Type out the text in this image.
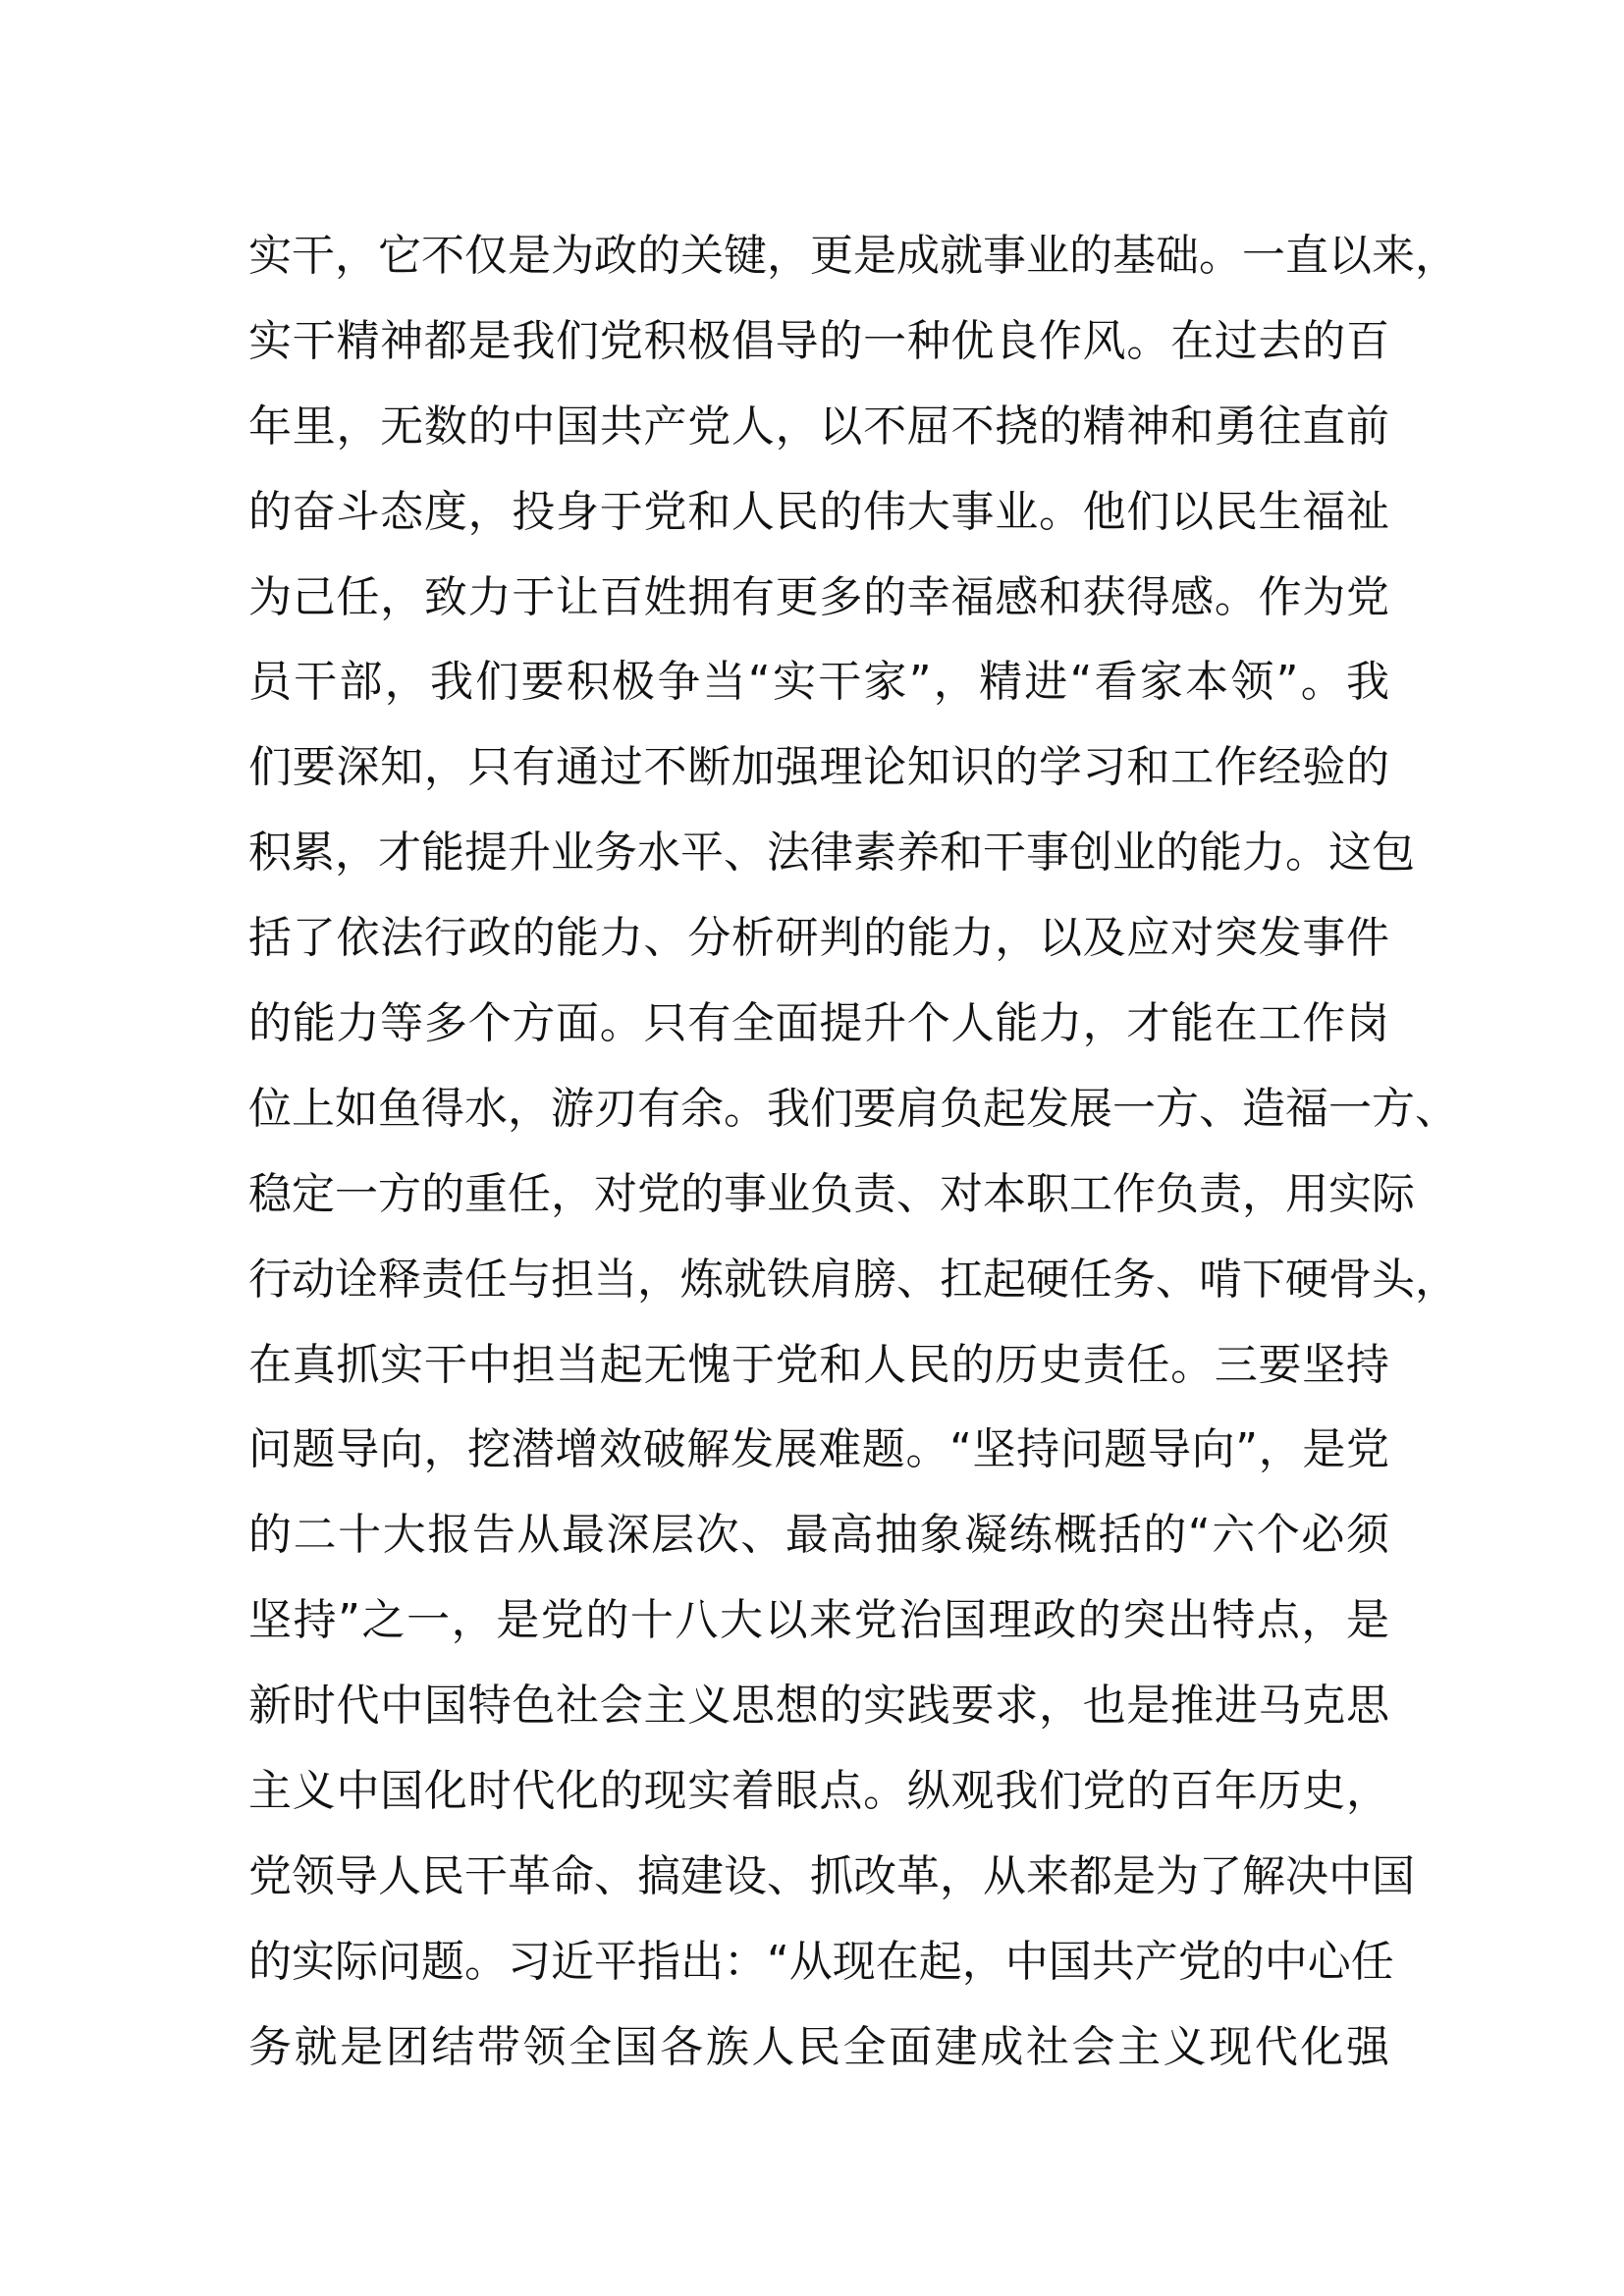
实干，它不仅是为政的关键，更是成就事业的基础。一直以来，
实干精神都是我们党积极倡导的一种优良作风。在过去的百
年里，无数的中国共产党人，以不屈不挠的精神和勇往直前
的奋斗态度，投身于党和人民的伟大事业。他们以民生福祉
为己任，致力于让百姓拥有更多的幸福感和获得感。作为党
员干部，我们要积极争当“实干家”，精进“看家本领”。我
们要深知，只有通过不断加强理论知识的学习和工作经验的
积累，才能提升业务水平、法律素养和干事创业的能力。这包
括了依法行政的能力、分析研判的能力，以及应对突发事件
的能力等多个方面。只有全面提升个人能力，才能在工作岗
位上如鱼得水，游刃有余。我们要肩负起发展一方、造福一方、
稳定一方的重任，对党的事业负责、对本职工作负责，用实际
行动诠释责任与担当，炼就铁肩膀、扛起硬任务、啃下硬骨头，
在真抓实干中担当起无愧于党和人民的历史责任。三要坚持
问题导向，挖潜增效破解发展难题。“坚持问题导向”，是党
的二十大报告从最深层次、最高抽象凝练概括的“六个必须
坚持”之一，是党的十八大以来党治国理政的突出特点，是
新时代中国特色社会主义思想的实践要求，也是推进马克思
主义中国化时代化的现实着眼点。纵观我们党的百年历史，
党领导人民干革命、搞建设、抓改革，从来都是为了解决中国
的实际问题。习近平指出：“从现在起，中国共产党的中心任
务就是团结带领全国各族人民全面建成社会主义现代化强
